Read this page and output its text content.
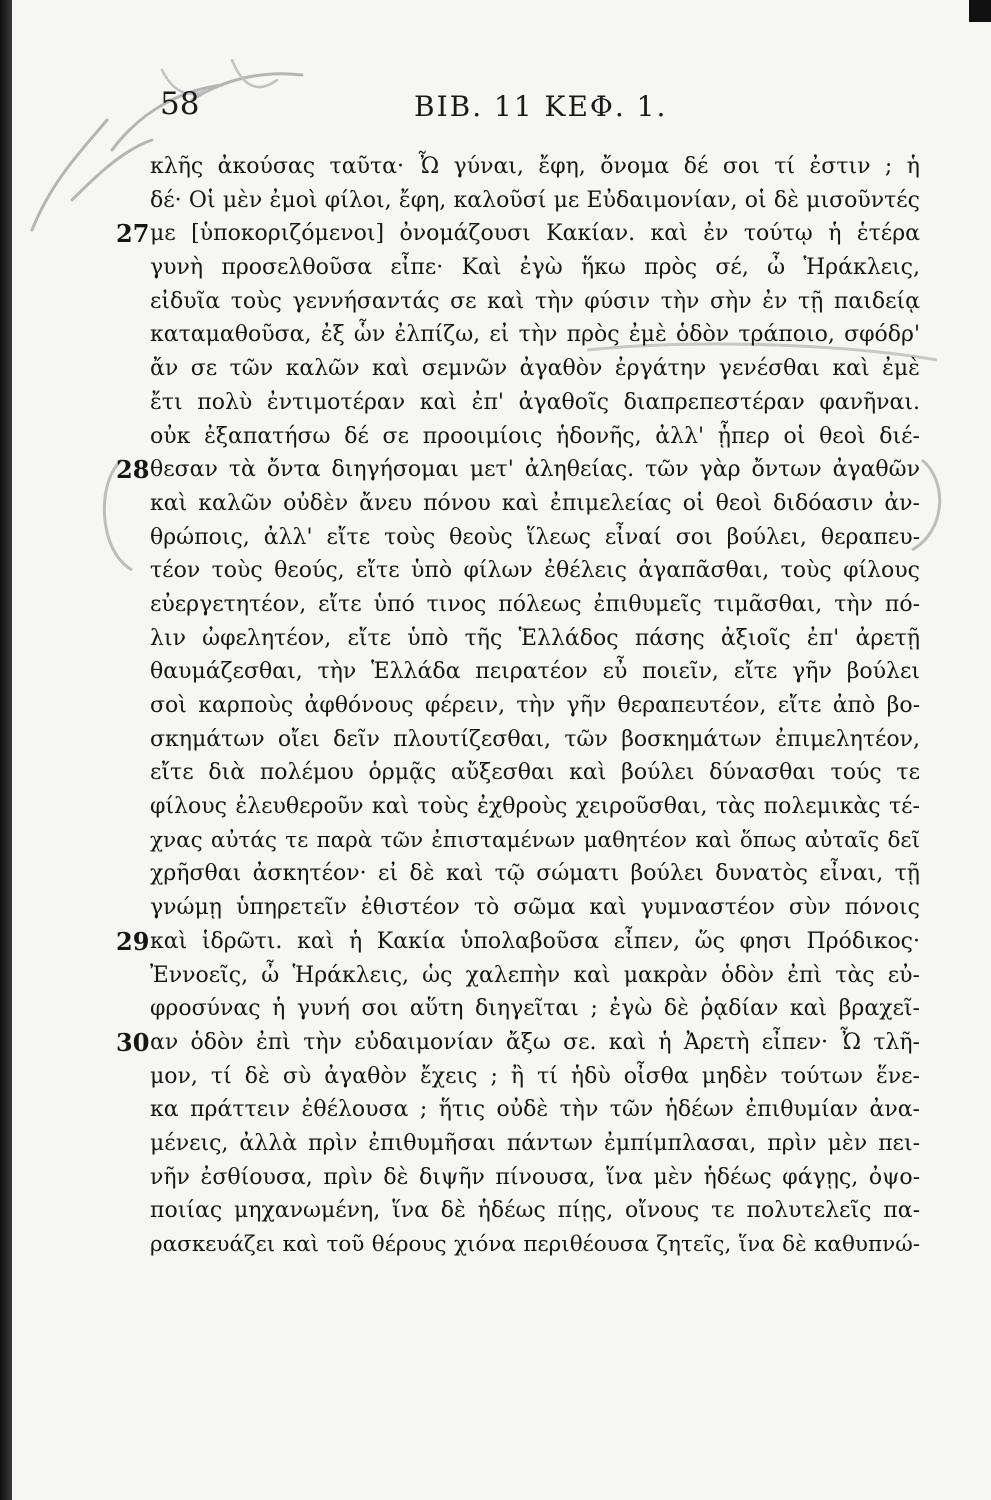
58	BIB. 11 ΚΕΦ. 1.
κλῆς ἀκούσας ταῦτα· Ὦ γύναι, ἔφη, ὄνομα δέ σοι τί ἐστιν ; ἡ
δέ· Οἱ μὲν ἐμοὶ φίλοι, ἔφη, καλοῦσί με Εὐδαιμονίαν, οἱ δὲ μισοῦντές
27 με [ὑποκοριζόμενοι] ὀνομάζουσι Κακίαν. καὶ ἐν τούτῳ ἡ ἑτέρα
γυνὴ προσελθοῦσα εἶπε· Καὶ ἐγὼ ἥκω πρὸς σέ, ὦ Ἡράκλεις,
εἰδυῖα τοὺς γεννήσαντάς σε καὶ τὴν φύσιν τὴν σὴν ἐν τῇ παιδείᾳ
καταμαθοῦσα, ἐξ ὧν ἐλπίζω, εἰ τὴν πρὸς ἐμὲ ὁδὸν τράποιο, σφόδρ'
ἄν σε τῶν καλῶν καὶ σεμνῶν ἀγαθὸν ἐργάτην γενέσθαι καὶ ἐμὲ
ἔτι πολὺ ἐντιμοτέραν καὶ ἐπ' ἀγαθοῖς διαπρεπεστέραν φανῆναι.
οὐκ ἐξαπατήσω δέ σε προοιμίοις ἡδονῆς, ἀλλ' ᾗπερ οἱ θεοὶ διέ-
28 θεσαν τὰ ὄντα διηγήσομαι μετ' ἀληθείας. τῶν γὰρ ὄντων ἀγαθῶν
καὶ καλῶν οὐδὲν ἄνευ πόνου καὶ ἐπιμελείας οἱ θεοὶ διδόασιν ἀν-
θρώποις, ἀλλ' εἴτε τοὺς θεοὺς ἵλεως εἶναί σοι βούλει, θεραπευ-
τέον τοὺς θεούς, εἴτε ὑπὸ φίλων ἐθέλεις ἀγαπᾶσθαι, τοὺς φίλους
εὐεργετητέον, εἴτε ὑπό τινος πόλεως ἐπιθυμεῖς τιμᾶσθαι, τὴν πό-
λιν ὠφελητέον, εἴτε ὑπὸ τῆς Ἑλλάδος πάσης ἀξιοῖς ἐπ' ἀρετῇ
θαυμάζεσθαι, τὴν Ἑλλάδα πειρατέον εὖ ποιεῖν, εἴτε γῆν βούλει
σοὶ καρποὺς ἀφθόνους φέρειν, τὴν γῆν θεραπευτέον, εἴτε ἀπὸ βο-
σκημάτων οἴει δεῖν πλουτίζεσθαι, τῶν βοσκημάτων ἐπιμελητέον,
εἴτε διὰ πολέμου ὁρμᾷς αὔξεσθαι καὶ βούλει δύνασθαι τούς τε
φίλους ἐλευθεροῦν καὶ τοὺς ἐχθροὺς χειροῦσθαι, τὰς πολεμικὰς τέ-
χνας αὐτάς τε παρὰ τῶν ἐπισταμένων μαθητέον καὶ ὅπως αὐταῖς δεῖ
χρῆσθαι ἀσκητέον· εἰ δὲ καὶ τῷ σώματι βούλει δυνατὸς εἶναι, τῇ
γνώμῃ ὑπηρετεῖν ἐθιστέον τὸ σῶμα καὶ γυμναστέον σὺν πόνοις
29 καὶ ἱδρῶτι. καὶ ἡ Κακία ὑπολαβοῦσα εἶπεν, ὥς φησι Πρόδικος·
Ἐννοεῖς, ὦ Ἡράκλεις, ὡς χαλεπὴν καὶ μακρὰν ὁδὸν ἐπὶ τὰς εὐ-
φροσύνας ἡ γυνή σοι αὕτη διηγεῖται ; ἐγὼ δὲ ῥᾳδίαν καὶ βραχεῖ-
30 αν ὁδὸν ἐπὶ τὴν εὐδαιμονίαν ἄξω σε. καὶ ἡ Ἀρετὴ εἶπεν· Ὦ τλῆ-
μον, τί δὲ σὺ ἀγαθὸν ἔχεις ; ἢ τί ἡδὺ οἶσθα μηδὲν τούτων ἕνε-
κα πράττειν ἐθέλουσα ; ἥτις οὐδὲ τὴν τῶν ἡδέων ἐπιθυμίαν ἀνα-
μένεις, ἀλλὰ πρὶν ἐπιθυμῆσαι πάντων ἐμπίμπλασαι, πρὶν μὲν πει-
νῆν ἐσθίουσα, πρὶν δὲ διψῆν πίνουσα, ἵνα μὲν ἡδέως φάγῃς, ὀψο-
ποιίας μηχανωμένη, ἵνα δὲ ἡδέως πίῃς, οἴνους τε πολυτελεῖς πα-
ρασκευάζει καὶ τοῦ θέρους χιόνα περιθέουσα ζητεῖς, ἵνα δὲ καθυπνώ-
